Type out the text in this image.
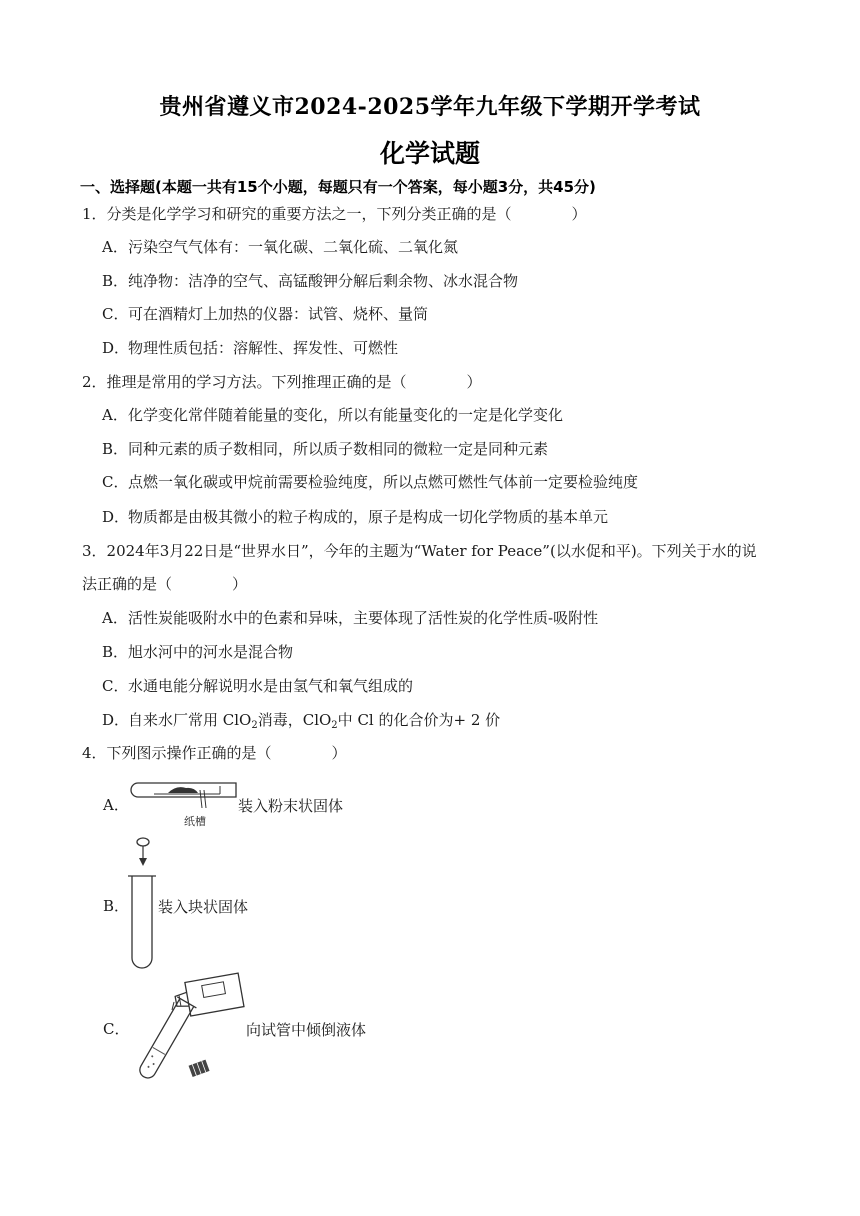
贵州省遵义市2024-2025学年九年级下学期开学考试
化学试题
一、选择题(本题一共有15个小题，每题只有一个答案，每小题3分，共45分)
1．分类是化学学习和研究的重要方法之一，下列分类正确的是（　　　　）
A．污染空气气体有：一氧化碳、二氧化硫、二氧化氮
B．纯净物：洁净的空气、高锰酸钾分解后剩余物、冰水混合物
C．可在酒精灯上加热的仪器：试管、烧杯、量筒
D．物理性质包括：溶解性、挥发性、可燃性
2．推理是常用的学习方法。下列推理正确的是（　　　　）
A．化学变化常伴随着能量的变化，所以有能量变化的一定是化学变化
B．同种元素的质子数相同，所以质子数相同的微粒一定是同种元素
C．点燃一氧化碳或甲烷前需要检验纯度，所以点燃可燃性气体前一定要检验纯度
D．物质都是由极其微小的粒子构成的，原子是构成一切化学物质的基本单元
3．2024年3月22日是“世界水日”，今年的主题为“Water for Peace”(以水促和平)。下列关于水的说
法正确的是（　　　　）
A．活性炭能吸附水中的色素和异味，主要体现了活性炭的化学性质-吸附性
B．旭水河中的河水是混合物
C．水通电能分解说明水是由氢气和氧气组成的
D．自来水厂常用 ClO$_2$消毒，ClO$_2$中 Cl 的化合价为+ 2 价
4．下列图示操作正确的是（　　　　）
A．
纸槽
装入粉末状固体
B． 装入块状固体
C．	向试管中倾倒液体
